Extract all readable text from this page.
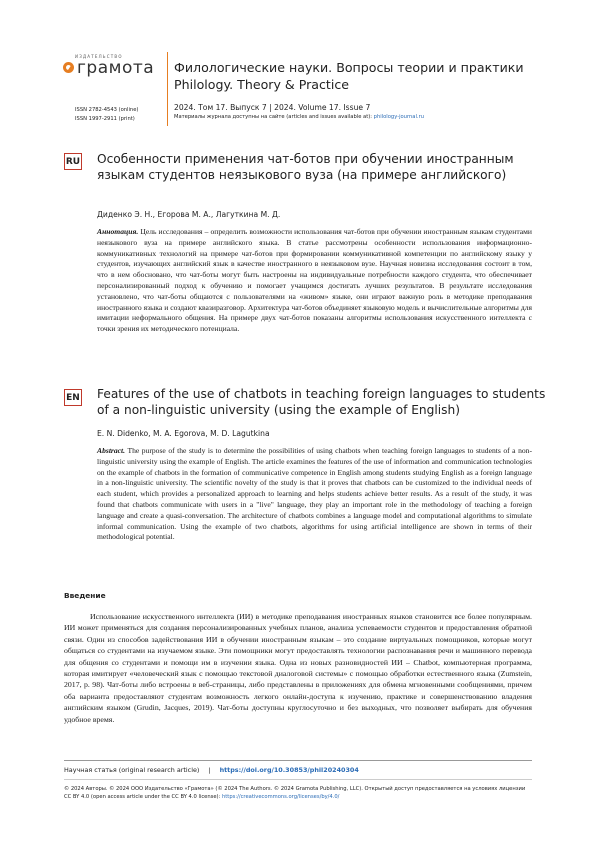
ИЗДАТЕЛЬСТВО
грамота Филологические науки. Вопросы теории и практики
Philology. Theory & Practice
ISSN 2782-4543 (online)
ISSN 1997-2911 (print)
2024. Том 17. Выпуск 7 | 2024. Volume 17. Issue 7
Материалы журнала доступны на сайте (articles and issues available at): philology-journal.ru
RU Особенности применения чат-ботов при обучении иностранным языкам студентов неязыкового вуза (на примере английского)
Диденко Э. Н., Егорова М. А., Лагуткина М. Д.
Аннотация. Цель исследования – определить возможности использования чат-ботов при обучении иностранным языкам студентами неязыкового вуза на примере английского языка. В статье рассмотрены особенности использования информационно-коммуникативных технологий на примере чат-ботов при формировании коммуникативной компетенции по английскому языку у студентов, изучающих английский язык в качестве иностранного в неязыковом вузе. Научная новизна исследования состоит в том, что в нем обосновано, что чат-боты могут быть настроены на индивидуальные потребности каждого студента, что обеспечивает персонализированный подход к обучению и помогает учащимся достигать лучших результатов. В результате исследования установлено, что чат-боты общаются с пользователями на «живом» языке, они играют важную роль в методике преподавания иностранного языка и создают квазиразговор. Архитектура чат-ботов объединяет языковую модель и вычислительные алгоритмы для имитации неформального общения. На примере двух чат-ботов показаны алгоритмы использования искусственного интеллекта с точки зрения их методического потенциала.
EN Features of the use of chatbots in teaching foreign languages to students of a non-linguistic university (using the example of English)
E. N. Didenko, M. A. Egorova, M. D. Lagutkina
Abstract. The purpose of the study is to determine the possibilities of using chatbots when teaching foreign languages to students of a non-linguistic university using the example of English. The article examines the features of the use of information and communication technologies on the example of chatbots in the formation of communicative competence in English among students studying English as a foreign language in a non-linguistic university. The scientific novelty of the study is that it proves that chatbots can be customized to the individual needs of each student, which provides a personalized approach to learning and helps students achieve better results. As a result of the study, it was found that chatbots communicate with users in a "live" language, they play an important role in the methodology of teaching a foreign language and create a quasi-conversation. The architecture of chatbots combines a language model and computational algorithms to simulate informal communication. Using the example of two chatbots, algorithms for using artificial intelligence are shown in terms of their methodological potential.
Введение
Использование искусственного интеллекта (ИИ) в методике преподавания иностранных языков становится все более популярным. ИИ может применяться для создания персонализированных учебных планов, анализа успеваемости студентов и предоставления обратной связи. Один из способов задействования ИИ в обучении иностранным языкам – это создание виртуальных помощников, которые могут общаться со студентами на изучаемом языке. Эти помощники могут предоставлять технологии распознавания речи и машинного перевода для общения со студентами и помощи им в изучении языка. Одна из новых разновидностей ИИ – Chatbot, компьютерная программа, которая имитирует «человеческий язык с помощью текстовой диалоговой системы» с помощью обработки естественного языка (Zumstein, 2017, p. 98). Чат-боты либо встроены в веб-страницы, либо представлены в приложениях для обмена мгновенными сообщениями, причем оба варианта предоставляют студентам возможность легкого онлайн-доступа к изучению, практике и совершенствованию владения английским языком (Grudin, Jacques, 2019). Чат-боты доступны круглосуточно и без выходных, что позволяет выбирать для обучения удобное время.
Научная статья (original research article) | https://doi.org/10.30853/phil20240304
© 2024 Авторы. © 2024 ООО Издательство «Грамота» (© 2024 The Authors. © 2024 Gramota Publishing, LLC). Открытый доступ предоставляется на условиях лицензии CC BY 4.0 (open access article under the CC BY 4.0 license): https://creativecommons.org/licenses/by/4.0/
